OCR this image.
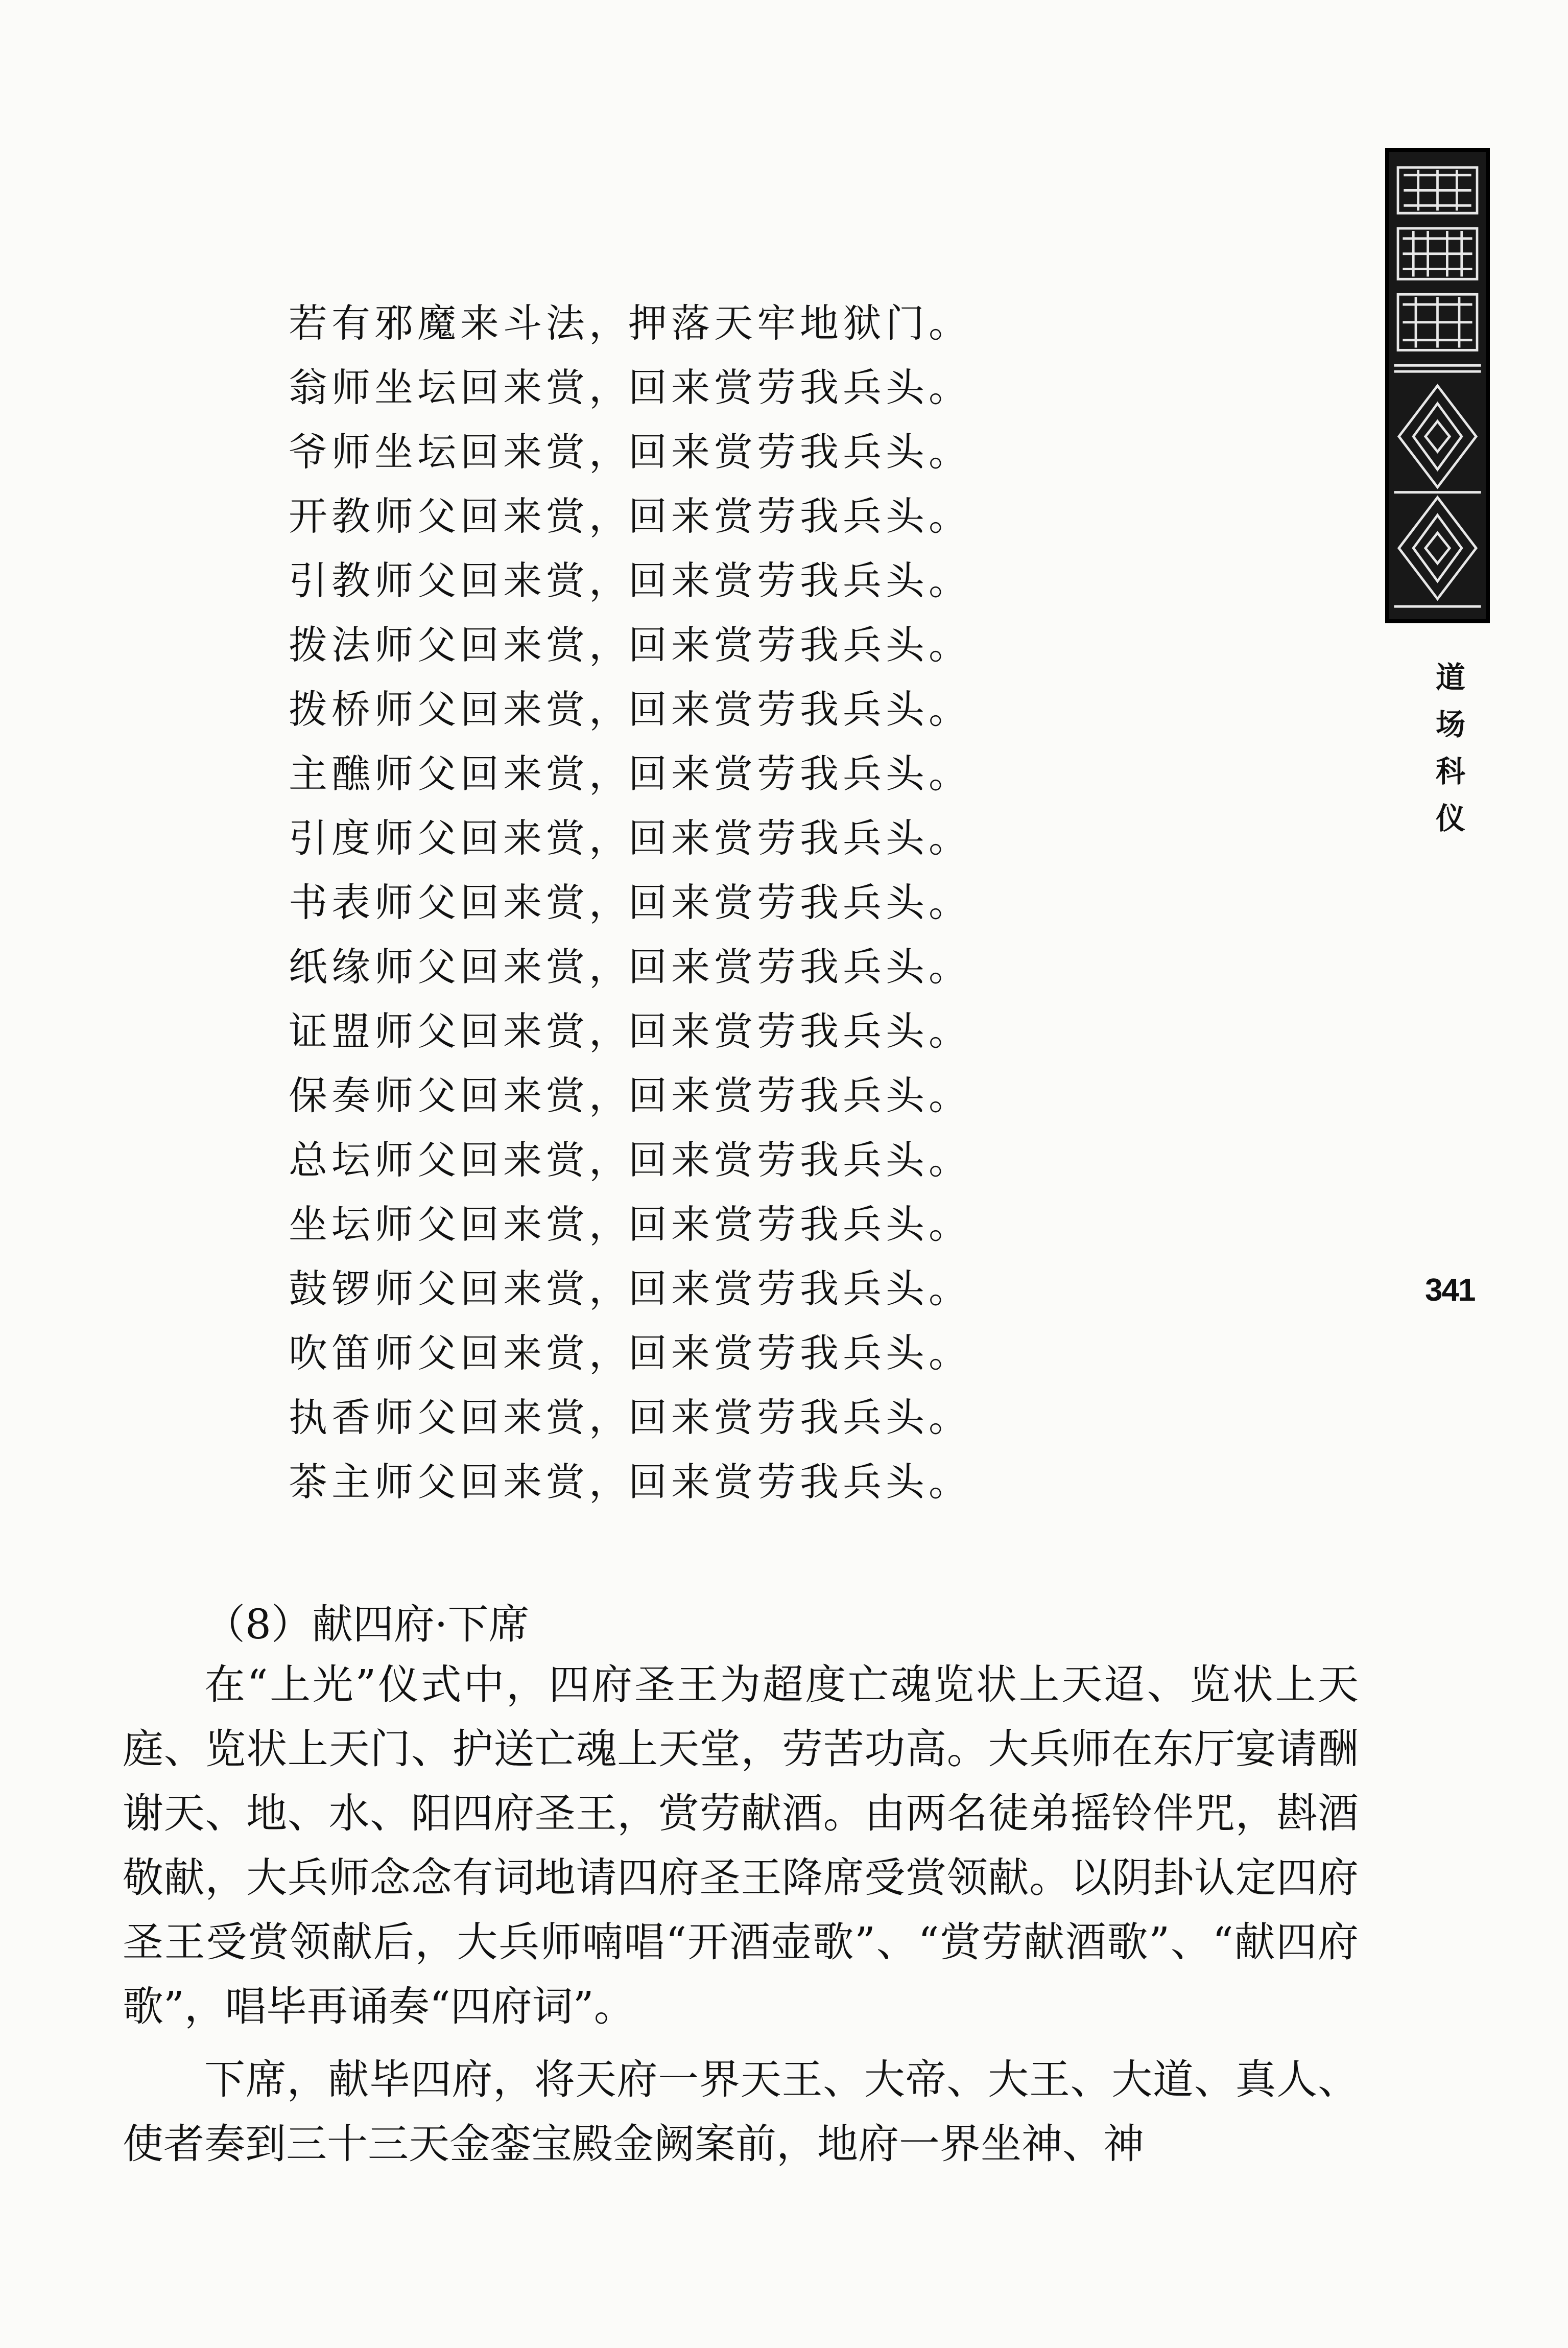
若有邪魔来斗法，押落天牢地狱门。
翁师坐坛回来赏，回来赏劳我兵头。
爷师坐坛回来赏，回来赏劳我兵头。
开教师父回来赏，回来赏劳我兵头。
引教师父回来赏，回来赏劳我兵头。
拨法师父回来赏，回来赏劳我兵头。
拨桥师父回来赏，回来赏劳我兵头。
主醮师父回来赏，回来赏劳我兵头。
引度师父回来赏，回来赏劳我兵头。
书表师父回来赏，回来赏劳我兵头。
纸缘师父回来赏，回来赏劳我兵头。
证盟师父回来赏，回来赏劳我兵头。
保奏师父回来赏，回来赏劳我兵头。
总坛师父回来赏，回来赏劳我兵头。
坐坛师父回来赏，回来赏劳我兵头。
鼓锣师父回来赏，回来赏劳我兵头。
吹笛师父回来赏，回来赏劳我兵头。
执香师父回来赏，回来赏劳我兵头。
茶主师父回来赏，回来赏劳我兵头。
（8）献四府·下席

在“上光”仪式中，四府圣王为超度亡魂览状上天迢、览状上天庭、览状上天门、护送亡魂上天堂，劳苦功高。大兵师在东厅宴请酬谢天、地、水、阳四府圣王，赏劳献酒。由两名徒弟摇铃伴咒，斟酒敬献，大兵师念念有词地请四府圣王降席受赏领献。以阴卦认定四府圣王受赏领献后，大兵师喃唱“开酒壶歌”、“赏劳献酒歌”、“献四府歌”，唱毕再诵奏“四府词”。

下席，献毕四府，将天府一界天王、大帝、大王、大道、真人、使者奏到三十三天金銮宝殿金阙案前，地府一界坐神、神

道
场
科
仪
341
